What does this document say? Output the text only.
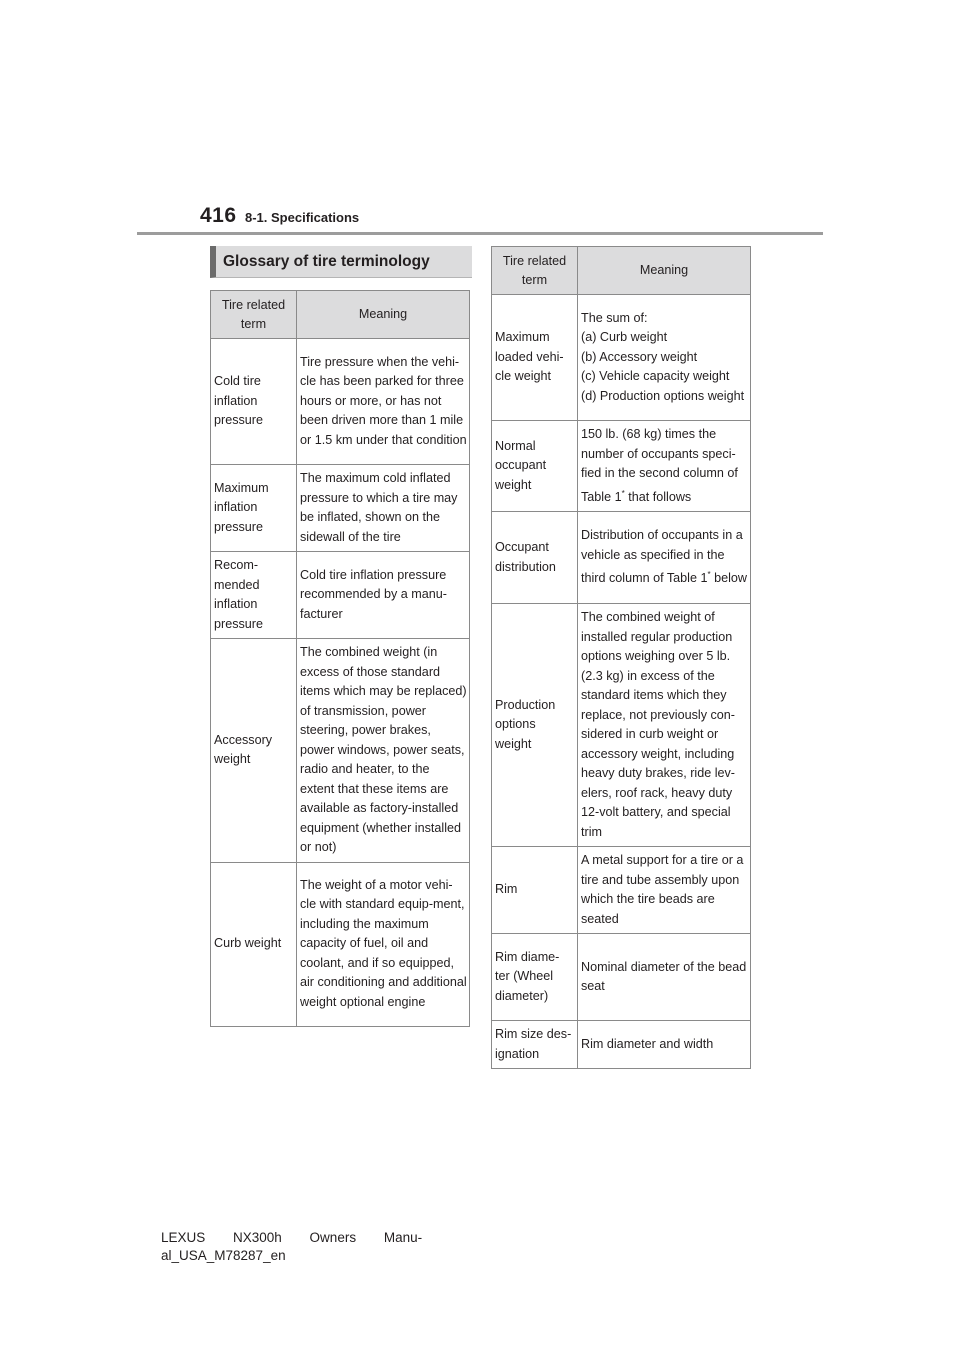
416 8-1. Specifications
Glossary of tire terminology
Tire related term	Meaning
Cold tire inflation pressure	Tire pressure when the vehi-cle has been parked for three hours or more, or has not been driven more than 1 mile or 1.5 km under that condition
Maximum inflation pressure	The maximum cold inflated pressure to which a tire may be inflated, shown on the sidewall of the tire
Recom-mended inflation pressure	Cold tire inflation pressure recommended by a manu-facturer
Accessory weight	The combined weight (in excess of those standard items which may be replaced) of transmission, power steering, power brakes, power windows, power seats, radio and heater, to the extent that these items are available as factory-installed equipment (whether installed or not)
Curb weight	The weight of a motor vehi-cle with standard equip-ment, including the maximum capacity of fuel, oil and coolant, and if so equipped, air conditioning and additional weight optional engine
Tire related term	Meaning
Maximum loaded vehi-cle weight	The sum of:
(a) Curb weight
(b) Accessory weight
(c) Vehicle capacity weight
(d) Production options weight

Normal occupant weight	150 lb. (68 kg) times the number of occupants speci-fied in the second column of Table 1* that follows
Occupant distribution	Distribution of occupants in a vehicle as specified in the third column of Table 1* below
Production options weight	The combined weight of installed regular production options weighing over 5 lb. (2.3 kg) in excess of the standard items which they replace, not previously con-sidered in curb weight or accessory weight, including heavy duty brakes, ride lev-elers, roof rack, heavy duty 12-volt battery, and special trim
Rim	A metal support for a tire or a tire and tube assembly upon which the tire beads are seated
Rim diame-ter (Wheel diameter)	Nominal diameter of the bead seat
Rim size des-ignation	Rim diameter and width
LEXUS NX300h Owners Manu-
al_USA_M78287_en
